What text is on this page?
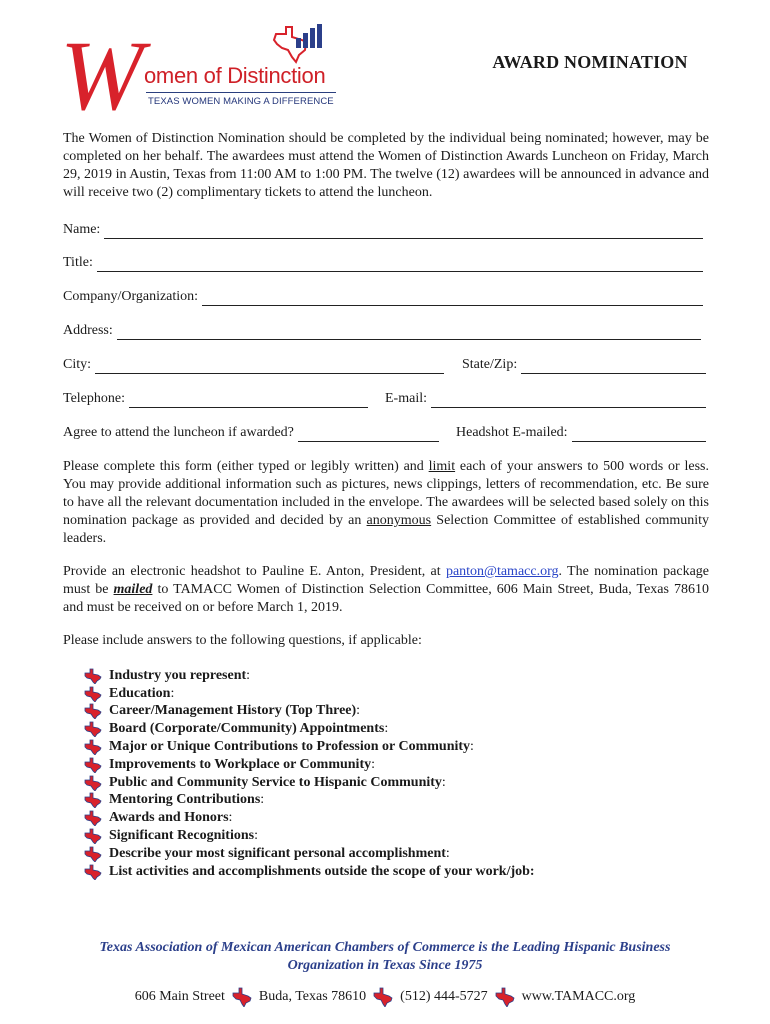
W omen of Distinction
TEXAS WOMEN MAKING A DIFFERENCE
AWARD NOMINATION
The Women of Distinction Nomination should be completed by the individual being nominated; however, may be completed on her behalf. The awardees must attend the Women of Distinction Awards Luncheon on Friday, March 29, 2019 in Austin, Texas from 11:00 AM to 1:00 PM. The twelve (12) awardees will be announced in advance and will receive two (2) complimentary tickets to attend the luncheon.
Name:
Title:
Company/Organization:
Address:
City:	State/Zip:
Telephone:	E-mail:
Agree to attend the luncheon if awarded?	Headshot E-mailed:
Please complete this form (either typed or legibly written) and limit each of your answers to 500 words or less. You may provide additional information such as pictures, news clippings, letters of recommendation, etc. Be sure to have all the relevant documentation included in the envelope. The awardees will be selected based solely on this nomination package as provided and decided by an anonymous Selection Committee of established community leaders.
Provide an electronic headshot to Pauline E. Anton, President, at panton@tamacc.org. The nomination package must be mailed to TAMACC Women of Distinction Selection Committee, 606 Main Street, Buda, Texas 78610 and must be received on or before March 1, 2019.
Please include answers to the following questions, if applicable:
Industry you represent :
Education :
Career/Management History (Top Three) :
Board (Corporate/Community) Appointments :
Major or Unique Contributions to Profession or Community :
Improvements to Workplace or Community :
Public and Community Service to Hispanic Community :
Mentoring Contributions :
Awards and Honors :
Significant Recognitions :
Describe your most significant personal accomplishment :
List activities and accomplishments outside the scope of your work/job:
Texas Association of Mexican American Chambers of Commerce is the Leading Hispanic Business
Organization in Texas Since 1975
606 Main Street Buda, Texas 78610 (512) 444-5727 www.TAMACC.org
